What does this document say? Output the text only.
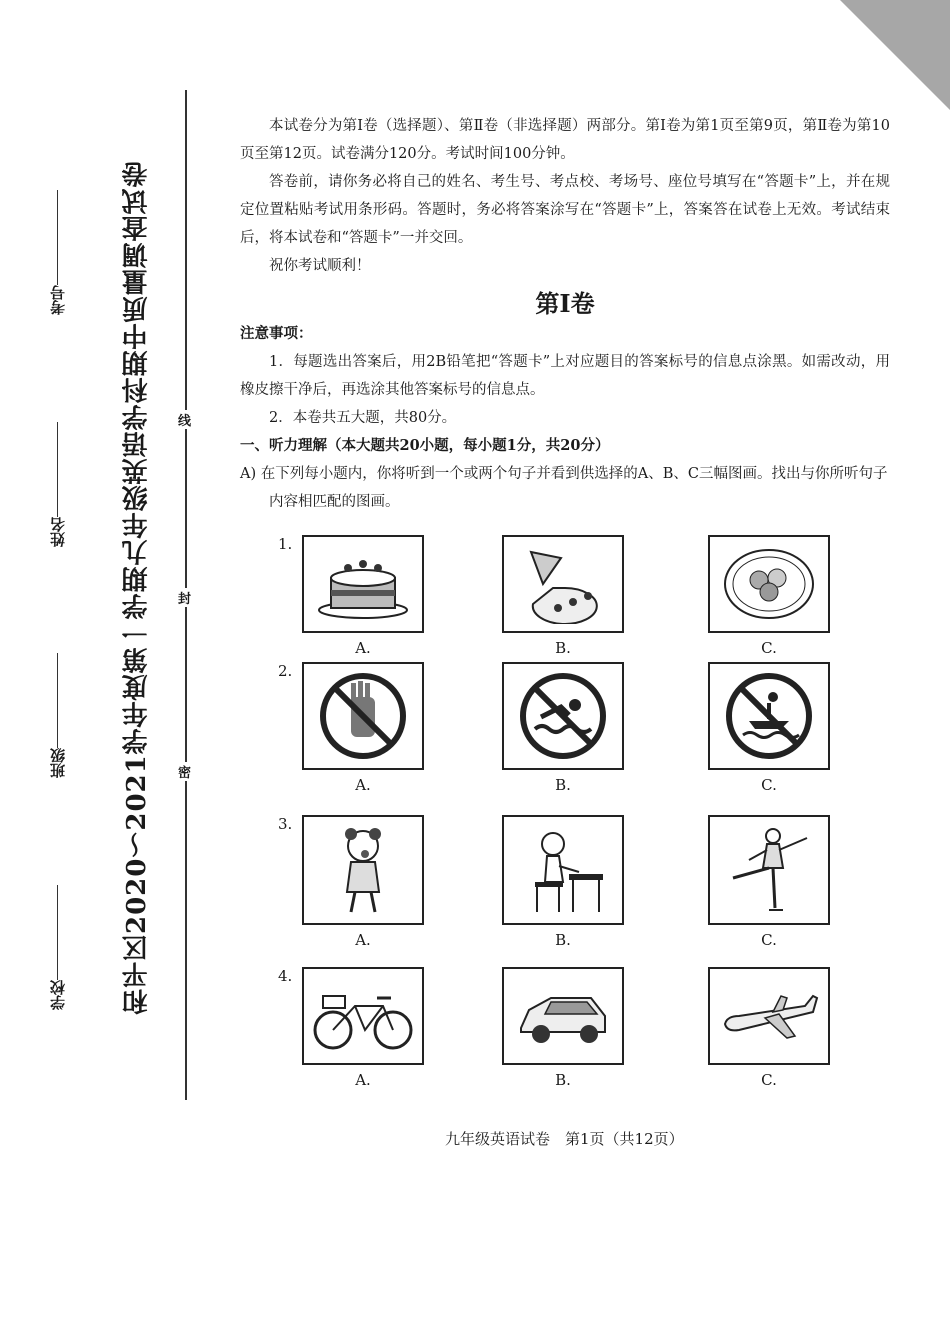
和平区2020～2021学年度第一学期九年级英语学科期中质量调查试卷
学校
班级
姓名
考号
密
封
线

本试卷分为第Ⅰ卷（选择题）、第Ⅱ卷（非选择题）两部分。第Ⅰ卷为第1页至第9页，第Ⅱ卷为第10页至第12页。试卷满分120分。考试时间100分钟。

答卷前，请你务必将自己的姓名、考生号、考点校、考场号、座位号填写在“答题卡”上，并在规定位置粘贴考试用条形码。答题时，务必将答案涂写在“答题卡”上，答案答在试卷上无效。考试结束后，将本试卷和“答题卡”一并交回。

祝你考试顺利！

第Ⅰ卷

注意事项：

1．每题选出答案后，用2B铅笔把“答题卡”上对应题目的答案标号的信息点涂黑。如需改动，用橡皮擦干净后，再选涂其他答案标号的信息点。

2．本卷共五大题，共80分。

一、听力理解（本大题共20小题，每小题1分，共20分）

A) 在下列每小题内，你将听到一个或两个句子并看到供选择的A、B、C三幅图画。找出与你所听句子内容相匹配的图画。

1.
A.	B.	C.
2.
A.	B.	C.
3.
A.	B.	C.
4.
A.	B.	C.
九年级英语试卷　第1页（共12页）
